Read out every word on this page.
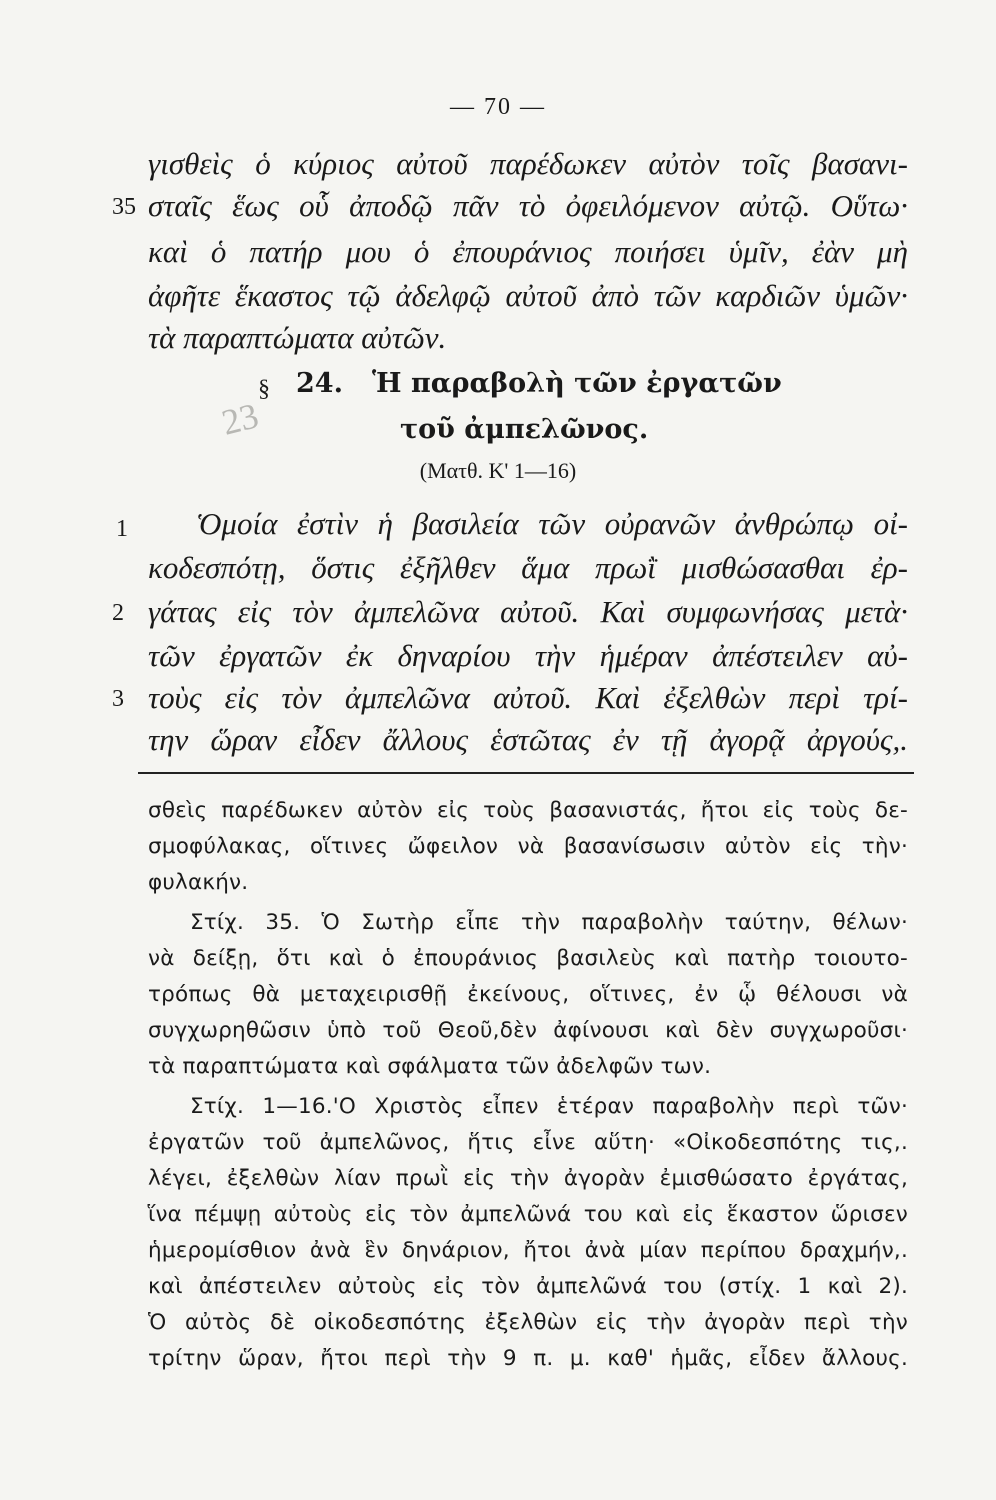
— 70 —
γισθεὶς ὁ κύριος αὐτοῦ παρέδωκεν αὐτὸν τοῖς βασανι-
35 σταῖς ἕως οὗ ἀποδῷ πᾶν τὸ ὀφειλόμενον αὐτῷ. Οὕτω·
καὶ ὁ πατήρ μου ὁ ἐπουράνιος ποιήσει ὑμῖν, ἐὰν μὴ
ἀφῆτε ἕκαστος τῷ ἀδελφῷ αὐτοῦ ἀπὸ τῶν καρδιῶν ὑμῶν·
τὰ παραπτώματα αὐτῶν.
§ 24. Ἡ παραβολὴ τῶν ἐργατῶν
τοῦ ἀμπελῶνος.
23
(Ματθ. Κ' 1—16)
1 Ὁμοία ἐστὶν ἡ βασιλεία τῶν οὐρανῶν ἀνθρώπῳ οἰ-
κοδεσπότῃ, ὅστις ἐξῆλθεν ἅμα πρωῒ μισθώσασθαι ἐρ-
2 γάτας εἰς τὸν ἀμπελῶνα αὐτοῦ. Καὶ συμφωνήσας μετὰ·
τῶν ἐργατῶν ἐκ δηναρίου τὴν ἡμέραν ἀπέστειλεν αὐ-
3 τοὺς εἰς τὸν ἀμπελῶνα αὐτοῦ. Καὶ ἐξελθὼν περὶ τρί-
την ὥραν εἶδεν ἄλλους ἑστῶτας ἐν τῇ ἀγορᾷ ἀργούς,.
σθεὶς παρέδωκεν αὐτὸν εἰς τοὺς βασανιστάς, ἤτοι εἰς τοὺς δε-
σμοφύλακας, οἵτινες ὤφειλον νὰ βασανίσωσιν αὐτὸν εἰς τὴν·
φυλακήν.
Στίχ. 35. Ὁ Σωτὴρ εἶπε τὴν παραβολὴν ταύτην, θέλων·
νὰ δείξῃ, ὅτι καὶ ὁ ἐπουράνιος βασιλεὺς καὶ πατὴρ τοιουτο-
τρόπως θὰ μεταχειρισθῇ ἐκείνους, οἵτινες, ἐν ᾧ θέλουσι νὰ
συγχωρηθῶσιν ὑπὸ τοῦ Θεοῦ,δὲν ἀφίνουσι καὶ δὲν συγχωροῦσι·
τὰ παραπτώματα καὶ σφάλματα τῶν ἀδελφῶν των.
Στίχ. 1—16.'Ο Χριστὸς εἶπεν ἑτέραν παραβολὴν περὶ τῶν·
ἐργατῶν τοῦ ἀμπελῶνος, ἥτις εἶνε αὕτη· «Οἰκοδεσπότης τις,.
λέγει, ἐξελθὼν λίαν πρωῒ εἰς τὴν ἀγορὰν ἐμισθώσατο ἐργάτας,
ἵνα πέμψῃ αὐτοὺς εἰς τὸν ἀμπελῶνά του καὶ εἰς ἕκαστον ὥρισεν
ἡμερομίσθιον ἀνὰ ἓν δηνάριον, ἤτοι ἀνὰ μίαν περίπου δραχμήν,.
καὶ ἀπέστειλεν αὐτοὺς εἰς τὸν ἀμπελῶνά του (στίχ. 1 καὶ 2).
Ὁ αὐτὸς δὲ οἰκοδεσπότης ἐξελθὼν εἰς τὴν ἀγορὰν περὶ τὴν
τρίτην ὥραν, ἤτοι περὶ τὴν 9 π. μ. καθ' ἡμᾶς, εἶδεν ἄλλους.
